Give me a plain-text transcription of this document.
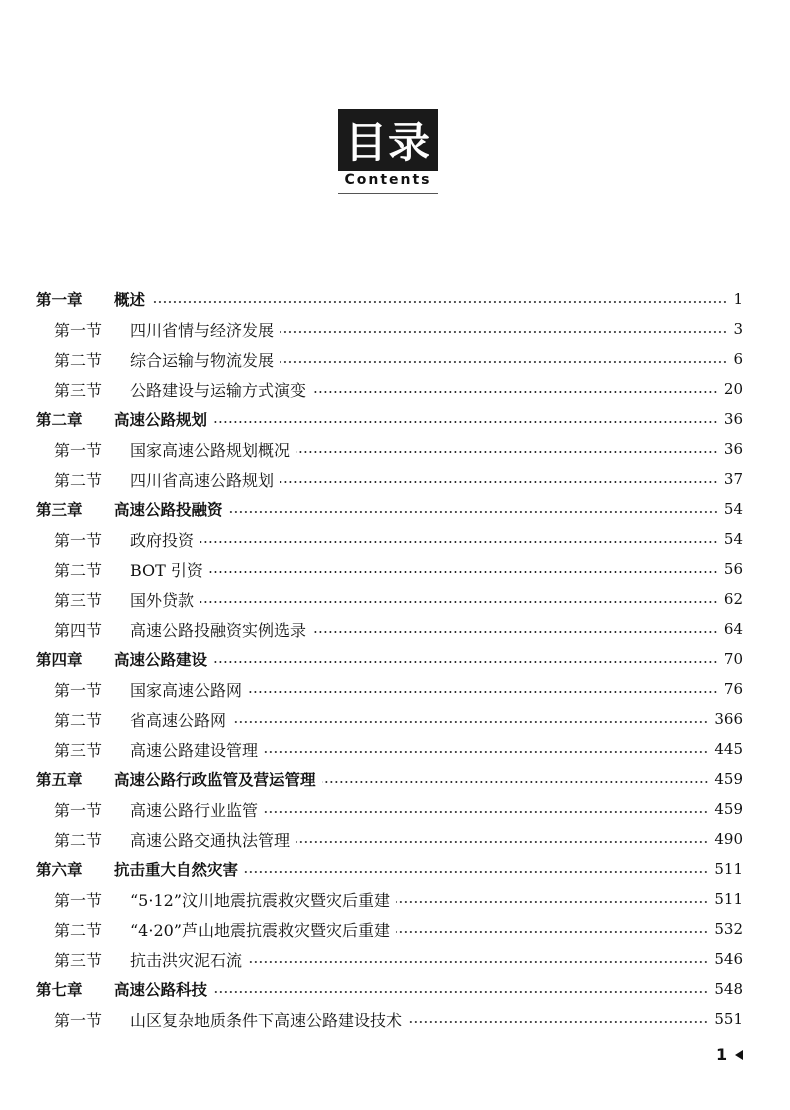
目录
Contents
第一章	概述	1
第一节	四川省情与经济发展	3
第二节	综合运输与物流发展	6
第三节	公路建设与运输方式演变	20
第二章	高速公路规划	36
第一节	国家高速公路规划概况	36
第二节	四川省高速公路规划	37
第三章	高速公路投融资	54
第一节	政府投资	54
第二节	BOT 引资	56
第三节	国外贷款	62
第四节	高速公路投融资实例选录	64
第四章	高速公路建设	70
第一节	国家高速公路网	76
第二节	省高速公路网	366
第三节	高速公路建设管理	445
第五章	高速公路行政监管及营运管理	459
第一节	高速公路行业监管	459
第二节	高速公路交通执法管理	490
第六章	抗击重大自然灾害	511
第一节	“5·12”汶川地震抗震救灾暨灾后重建	511
第二节	“4·20”芦山地震抗震救灾暨灾后重建	532
第三节	抗击洪灾泥石流	546
第七章	高速公路科技	548
第一节	山区复杂地质条件下高速公路建设技术	551
1
